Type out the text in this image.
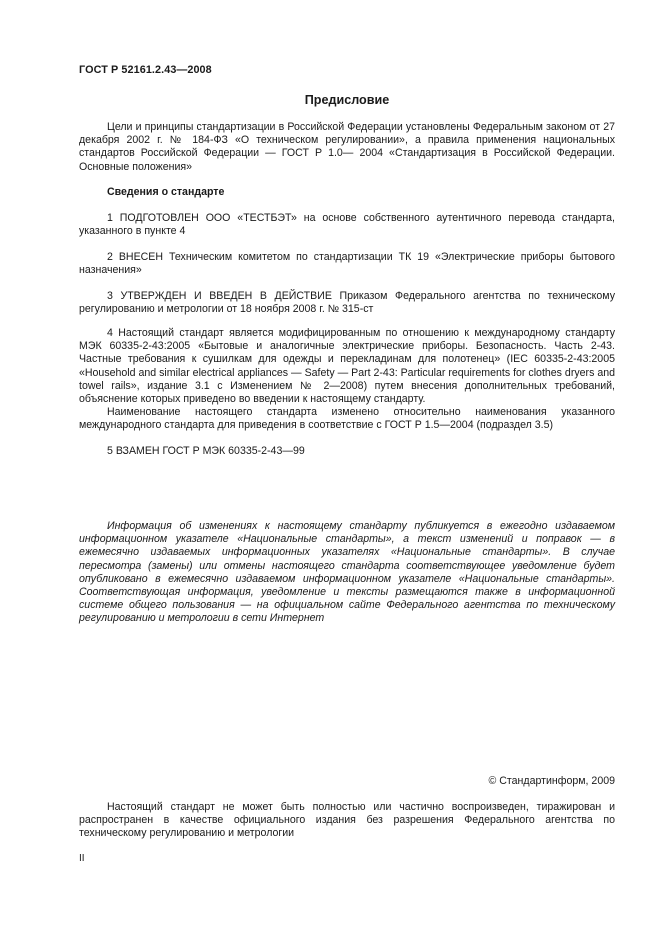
ГОСТ Р 52161.2.43—2008
Предисловие

Цели и принципы стандартизации в Российской Федерации установлены Федеральным законом от 27 декабря 2002 г. № 184-ФЗ «О техническом регулировании», а правила применения национальных стандартов Российской Федерации — ГОСТ Р 1.0— 2004 «Стандартизация в Российской Федерации. Основные положения»

Сведения о стандарте

1 ПОДГОТОВЛЕН ООО «ТЕСТБЭТ» на основе собственного аутентичного перевода стандарта, указанного в пункте 4

2 ВНЕСЕН Техническим комитетом по стандартизации ТК 19 «Электрические приборы бытового назначения»

3 УТВЕРЖДЕН И ВВЕДЕН В ДЕЙСТВИЕ Приказом Федерального агентства по техническому регулированию и метрологии от 18 ноября 2008 г. № 315-ст

4 Настоящий стандарт является модифицированным по отношению к международному стандарту МЭК 60335-2-43:2005 «Бытовые и аналогичные электрические приборы. Безопасность. Часть 2-43. Частные требования к сушилкам для одежды и перекладинам для полотенец» (IEC 60335-2-43:2005 «Household and similar electrical appliances — Safety — Part 2-43: Particular requirements for clothes dryers and towel rails», издание 3.1 с Изменением № 2—2008) путем внесения дополнительных требований, объяснение которых приведено во введении к настоящему стандарту.

Наименование настоящего стандарта изменено относительно наименования указанного международного стандарта для приведения в соответствие с ГОСТ Р 1.5—2004 (подраздел 3.5)

5 ВЗАМЕН ГОСТ Р МЭК 60335-2-43—99

Информация об изменениях к настоящему стандарту публикуется в ежегодно издаваемом информационном указателе «Национальные стандарты», а текст изменений и поправок — в ежемесячно издаваемых информационных указателях «Национальные стандарты». В случае пересмотра (замены) или отмены настоящего стандарта соответствующее уведомление будет опубликовано в ежемесячно издаваемом информационном указателе «Национальные стандарты». Соответствующая информация, уведомление и тексты размещаются также в информационной системе общего пользования — на официальном сайте Федерального агентства по техническому регулированию и метрологии в сети Интернет

© Стандартинформ, 2009

Настоящий стандарт не может быть полностью или частично воспроизведен, тиражирован и распространен в качестве официального издания без разрешения Федерального агентства по техническому регулированию и метрологии

II
